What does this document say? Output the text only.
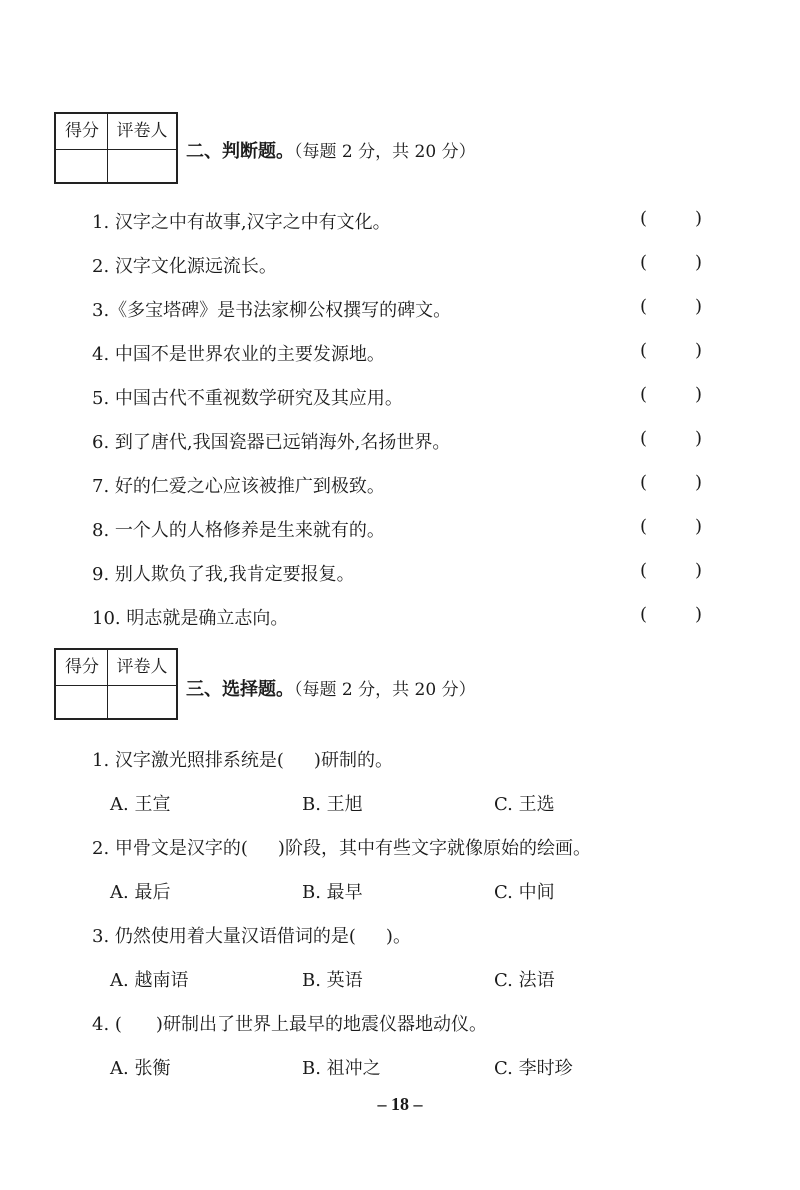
得分	评卷人
二、判断题。（每题 2 分，共 20 分）
1. 汉字之中有故事,汉字之中有文化。	(	)
2. 汉字文化源远流长。	(	)
3.《多宝塔碑》是书法家柳公权撰写的碑文。	(	)
4. 中国不是世界农业的主要发源地。	(	)
5. 中国古代不重视数学研究及其应用。	(	)
6. 到了唐代,我国瓷器已远销海外,名扬世界。	(	)
7. 好的仁爱之心应该被推广到极致。	(	)
8. 一个人的人格修养是生来就有的。	(	)
9. 别人欺负了我,我肯定要报复。	(	)
10. 明志就是确立志向。	(	)
得分	评卷人
三、选择题。（每题 2 分，共 20 分）
1. 汉字激光照排系统是( )研制的。
A. 王宣	B. 王旭	C. 王选
2. 甲骨文是汉字的( )阶段，其中有些文字就像原始的绘画。
A. 最后	B. 最早	C. 中间
3. 仍然使用着大量汉语借词的是( )。
A. 越南语	B. 英语	C. 法语
4. ( )研制出了世界上最早的地震仪器地动仪。
A. 张衡	B. 祖冲之	C. 李时珍
– 18 –
